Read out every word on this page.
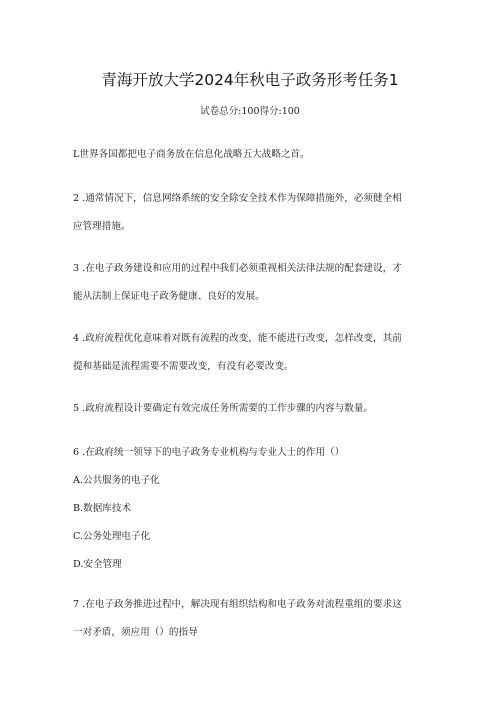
青海开放大学2024年秋电子政务形考任务1
试卷总分:100得分:100

L世界各国都把电子商务放在信息化战略五大战略之首。

2 .通常情况下，信息网络系统的安全除安全技术作为保障措施外，必须健全相

应管理措施。

3 .在电子政务建设和应用的过程中我们必须重视相关法律法规的配套建设，才

能从法制上保证电子政务健康、良好的发展。

4 .政府流程优化意味着对既有流程的改变，能不能进行改变，怎样改变，其前

提和基础是流程需要不需要改变，有没有必要改变。

5 .政府流程设计要确定有效完成任务所需要的工作步骤的内容与数量。

6 .在政府统一领导下的电子政务专业机构与专业人士的作用（）

A.公共服务的电子化

B.数据库技术

C.公务处理电子化

D.安全管理

7 .在电子政务推进过程中，解决现有组织结构和电子政务对流程重组的要求这

一对矛盾，须应用（）的指导
